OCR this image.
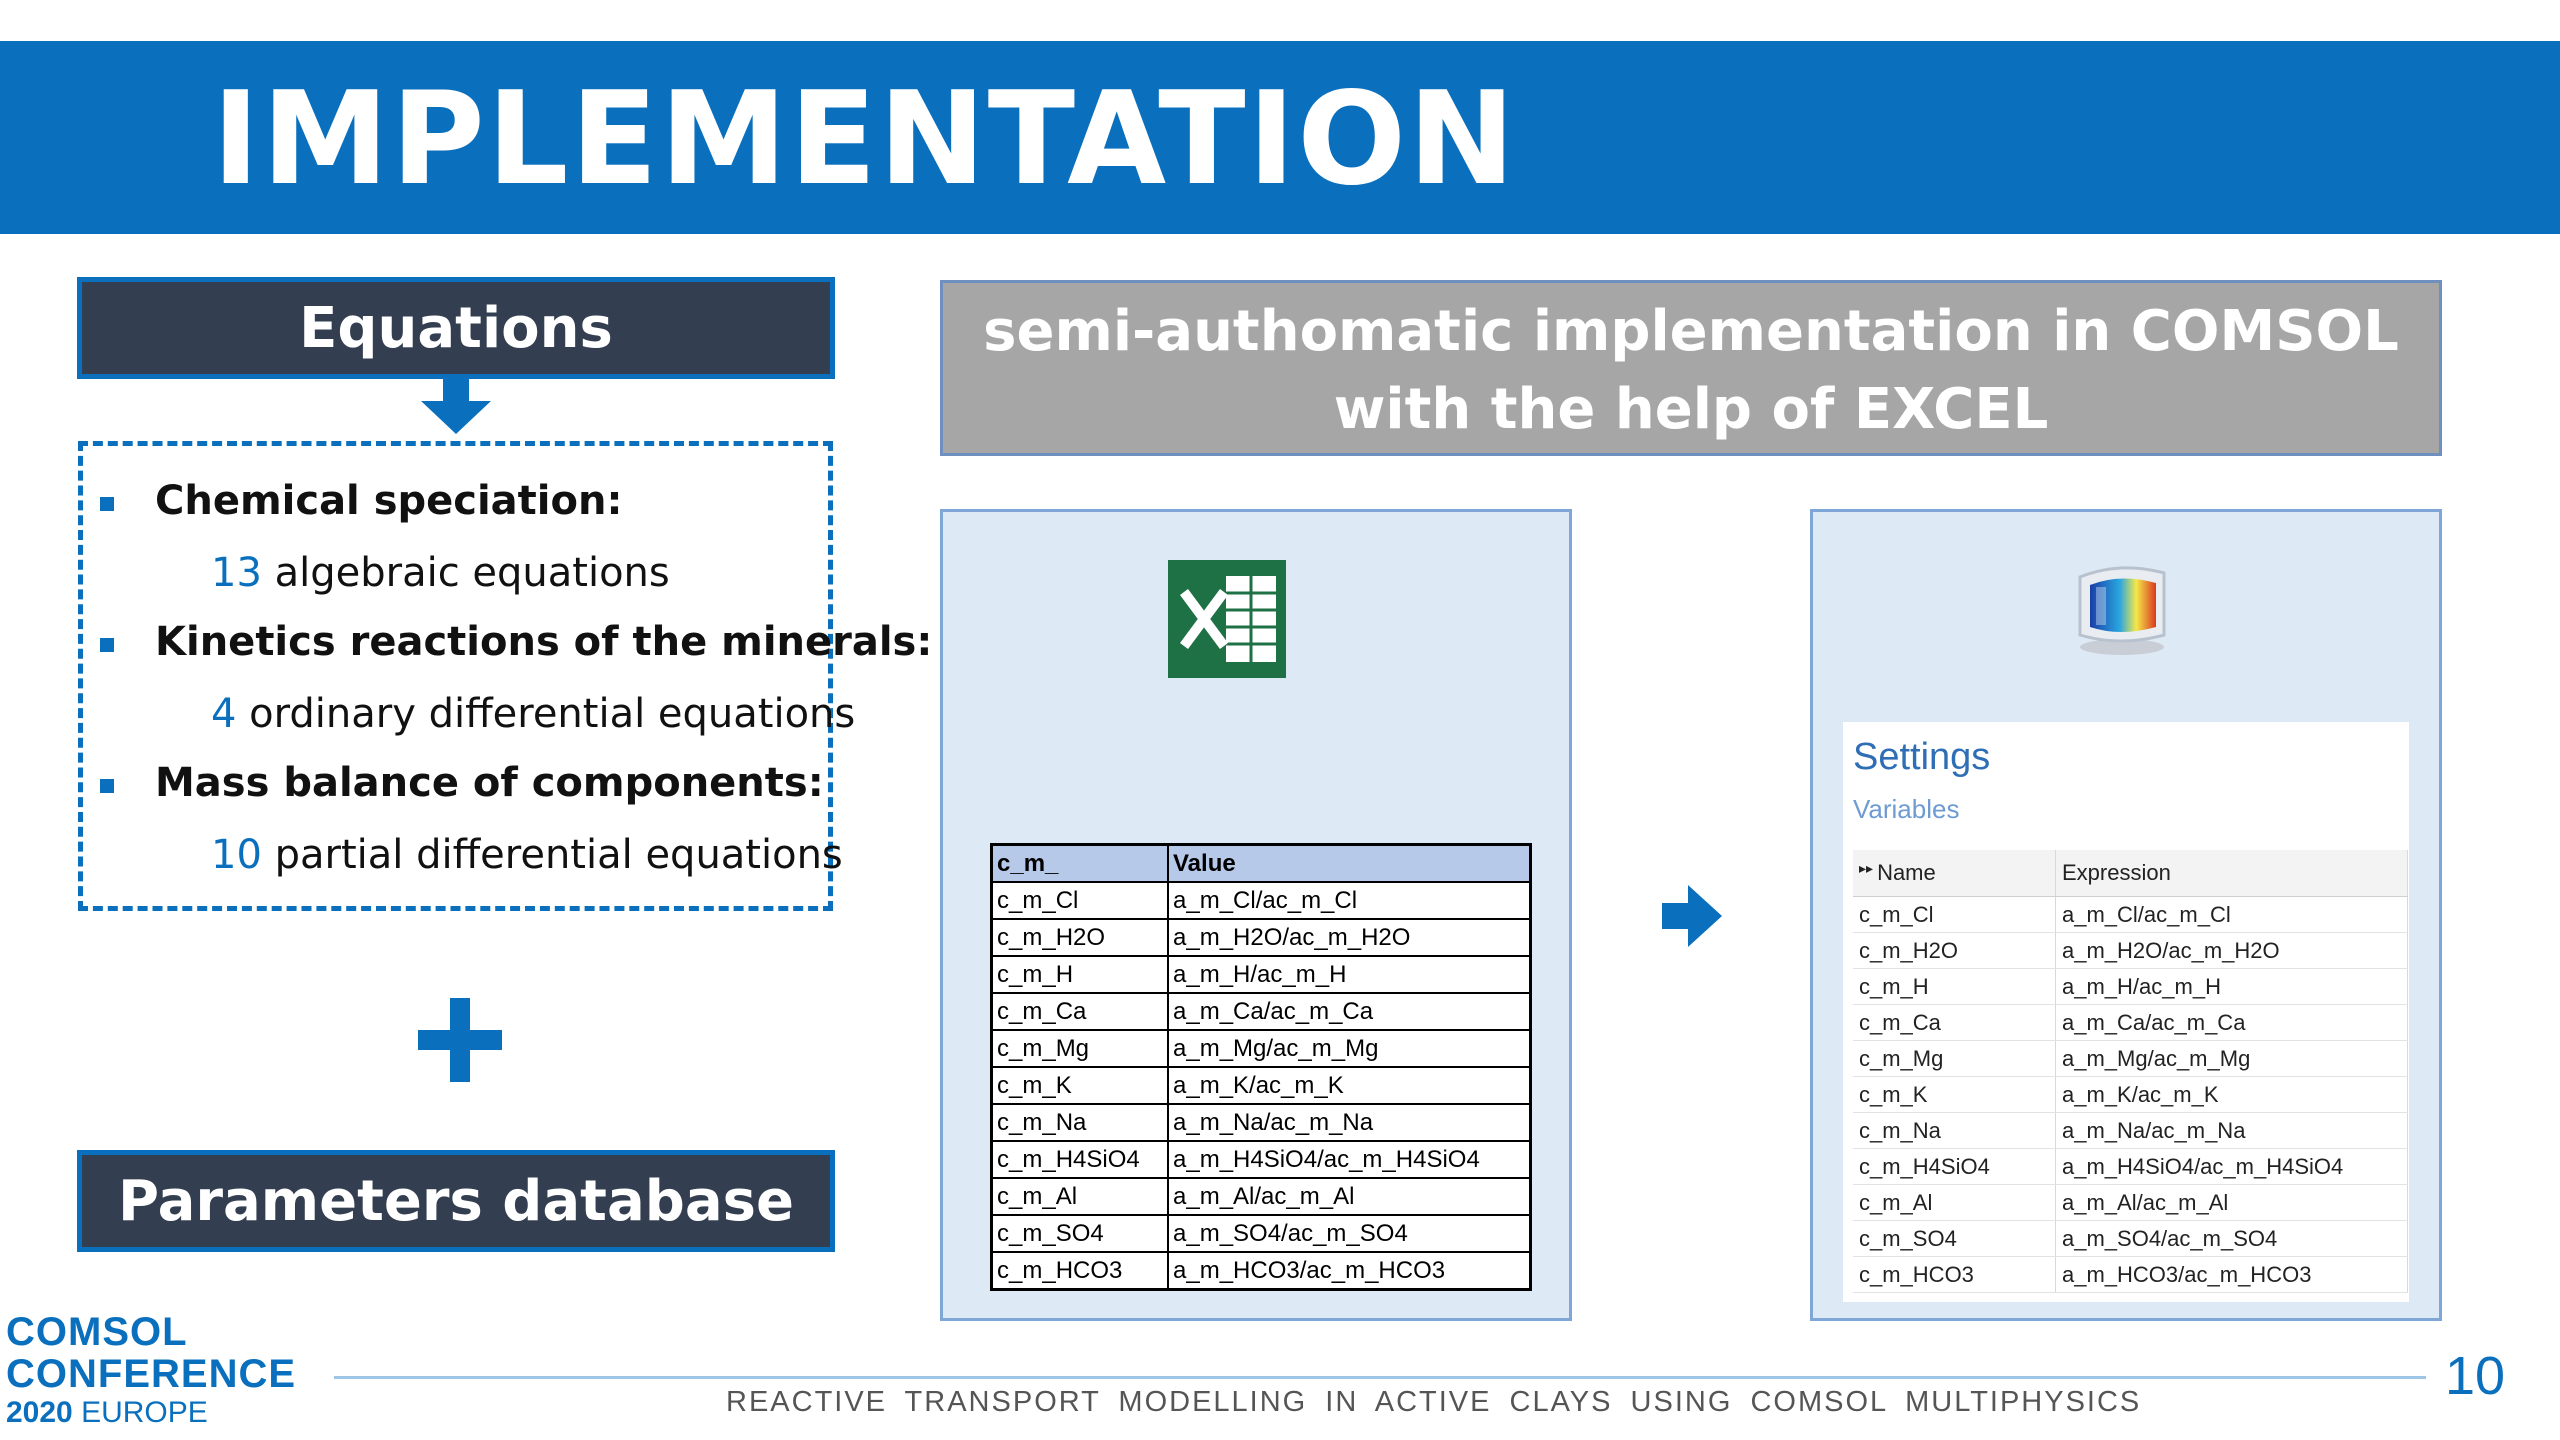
IMPLEMENTATION
Equations
Chemical speciation:
13 algebraic equations
Kinetics reactions of the minerals:
4 ordinary differential equations
Mass balance of components:
10 partial differential equations
Parameters database
semi-authomatic implementation in COMSOL
with the help of EXCEL
c_m_	Value
c_m_Cl	a_m_Cl/ac_m_Cl
c_m_H2O	a_m_H2O/ac_m_H2O
c_m_H	a_m_H/ac_m_H
c_m_Ca	a_m_Ca/ac_m_Ca
c_m_Mg	a_m_Mg/ac_m_Mg
c_m_K	a_m_K/ac_m_K
c_m_Na	a_m_Na/ac_m_Na
c_m_H4SiO4	a_m_H4SiO4/ac_m_H4SiO4
c_m_Al	a_m_Al/ac_m_Al
c_m_SO4	a_m_SO4/ac_m_SO4
c_m_HCO3	a_m_HCO3/ac_m_HCO3
Settings
Variables
▸▸ Name	Expression
c_m_Cl	a_m_Cl/ac_m_Cl
c_m_H2O	a_m_H2O/ac_m_H2O
c_m_H	a_m_H/ac_m_H
c_m_Ca	a_m_Ca/ac_m_Ca
c_m_Mg	a_m_Mg/ac_m_Mg
c_m_K	a_m_K/ac_m_K
c_m_Na	a_m_Na/ac_m_Na
c_m_H4SiO4	a_m_H4SiO4/ac_m_H4SiO4
c_m_Al	a_m_Al/ac_m_Al
c_m_SO4	a_m_SO4/ac_m_SO4
c_m_HCO3	a_m_HCO3/ac_m_HCO3
COMSOL
CONFERENCE
2020 EUROPE	REACTIVE TRANSPORT MODELLING IN ACTIVE CLAYS USING COMSOL MULTIPHYSICS	10
